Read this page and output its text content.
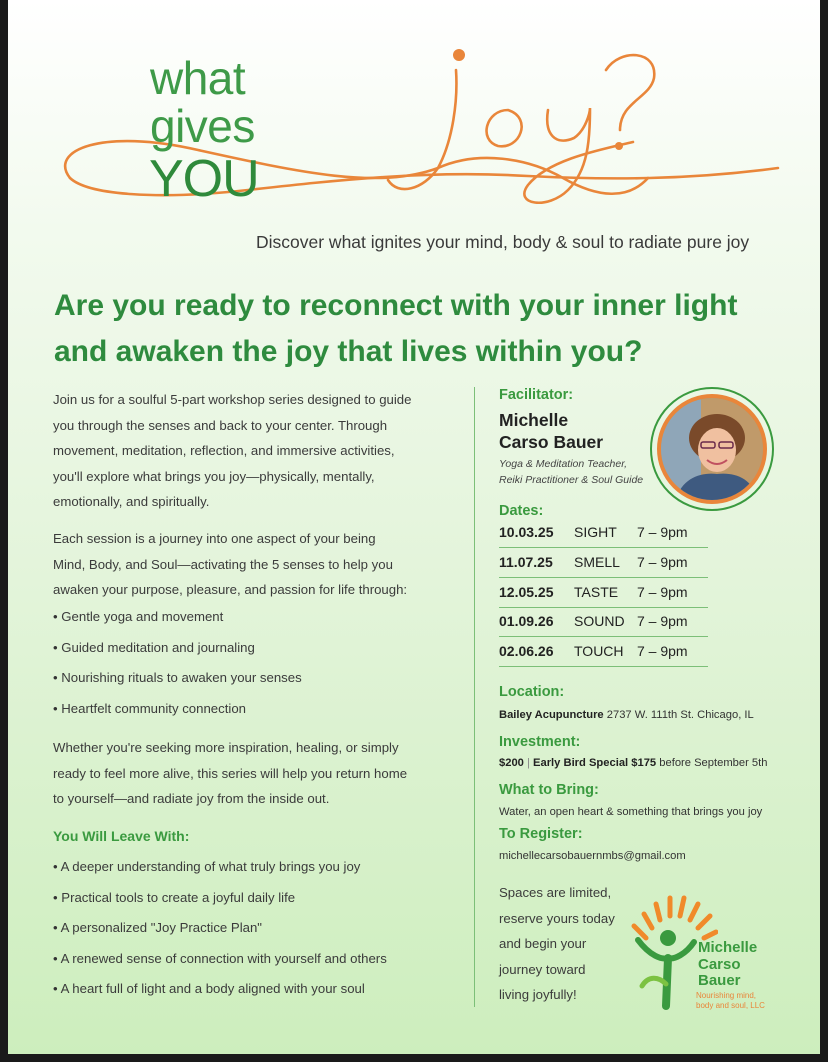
what
gives
YOU
Discover what ignites your mind, body & soul to radiate pure joy
Are you ready to reconnect with your inner light
and awaken the joy that lives within you?
Join us for a soulful 5-part workshop series designed to guide
you through the senses and back to your center. Through
movement, meditation, reflection, and immersive activities,
you'll explore what brings you joy—physically, mentally,
emotionally, and spiritually.
Each session is a journey into one aspect of your being
Mind, Body, and Soul—activating the 5 senses to help you
awaken your purpose, pleasure, and passion for life through:
• Gentle yoga and movement
• Guided meditation and journaling
• Nourishing rituals to awaken your senses
• Heartfelt community connection
Whether you're seeking more inspiration, healing, or simply
ready to feel more alive, this series will help you return home
to yourself—and radiate joy from the inside out.
You Will Leave With:
• A deeper understanding of what truly brings you joy
• Practical tools to create a joyful daily life
• A personalized "Joy Practice Plan"
• A renewed sense of connection with yourself and others
• A heart full of light and a body aligned with your soul
Facilitator:
Michelle
Carso Bauer
Yoga & Meditation Teacher,
Reiki Practitioner & Soul Guide
Dates:
10.03.25 SIGHT 7 – 9pm
11.07.25 SMELL 7 – 9pm
12.05.25 TASTE 7 – 9pm
01.09.26 SOUND 7 – 9pm
02.06.26 TOUCH 7 – 9pm
Location:
Bailey Acupuncture 2737 W. 111th St. Chicago, IL
Investment:
$200 | Early Bird Special $175 before September 5th
What to Bring:
Water, an open heart & something that brings you joy
To Register:
michellecarsobauernmbs@gmail.com
Spaces are limited,
reserve yours today
and begin your
journey toward
living joyfully!
Michelle
Carso
Bauer
Nourishing mind,
body and soul, LLC
